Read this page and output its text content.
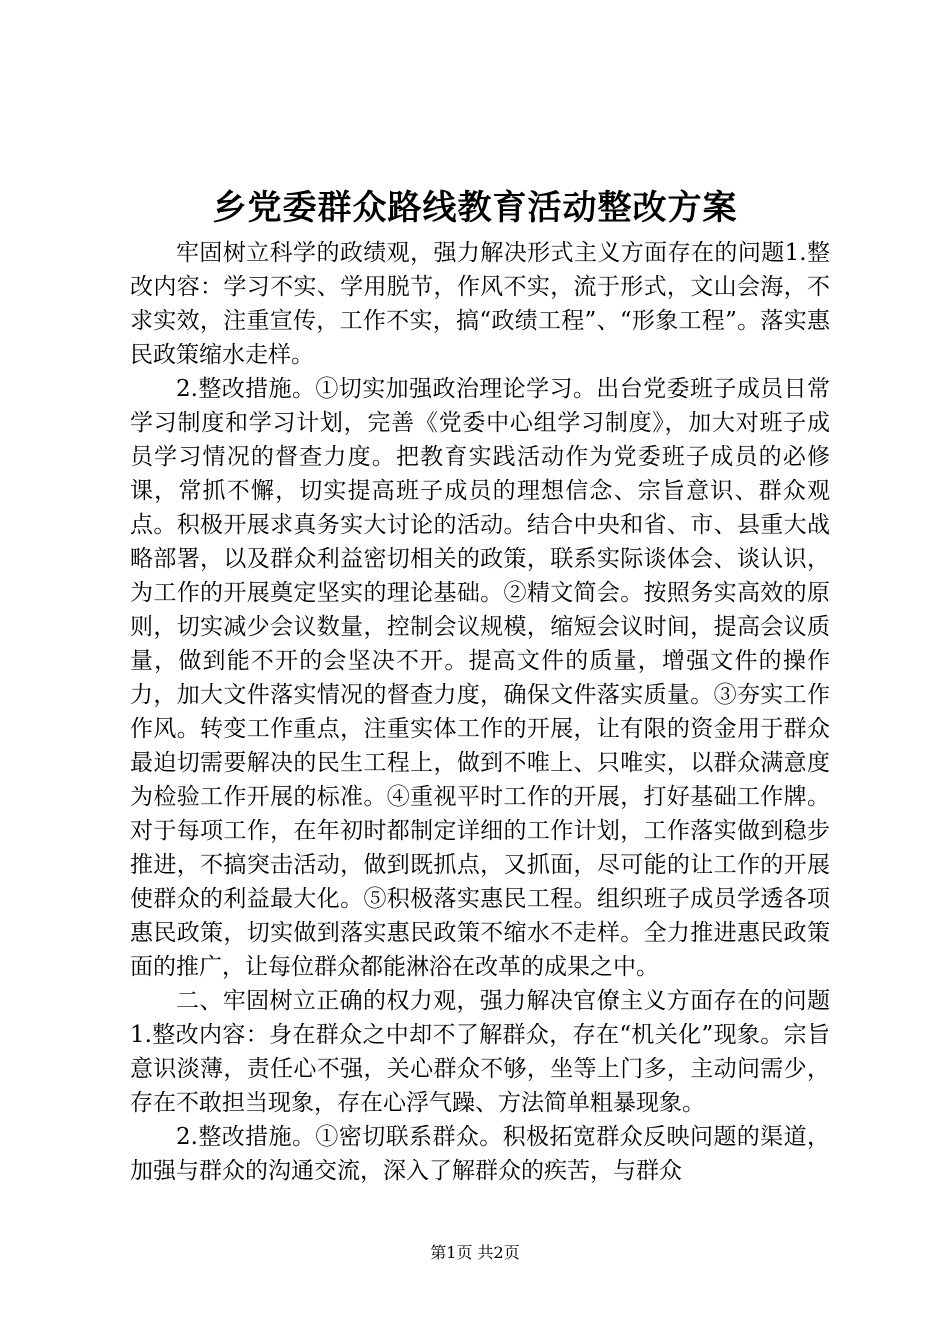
乡党委群众路线教育活动整改方案

牢固树立科学的政绩观，强力解决形式主义方面存在的问题1.整改内容：学习不实、学用脱节，作风不实，流于形式，文山会海，不求实效，注重宣传，工作不实，搞“政绩工程”、“形象工程”。落实惠民政策缩水走样。

2.整改措施。①切实加强政治理论学习。出台党委班子成员日常学习制度和学习计划，完善《党委中心组学习制度》，加大对班子成员学习情况的督查力度。把教育实践活动作为党委班子成员的必修课，常抓不懈，切实提高班子成员的理想信念、宗旨意识、群众观点。积极开展求真务实大讨论的活动。结合中央和省、市、县重大战略部署，以及群众利益密切相关的政策，联系实际谈体会、谈认识，为工作的开展奠定坚实的理论基础。②精文简会。按照务实高效的原则，切实减少会议数量，控制会议规模，缩短会议时间，提高会议质量，做到能不开的会坚决不开。提高文件的质量，增强文件的操作力，加大文件落实情况的督查力度，确保文件落实质量。③夯实工作作风。转变工作重点，注重实体工作的开展，让有限的资金用于群众最迫切需要解决的民生工程上，做到不唯上、只唯实，以群众满意度为检验工作开展的标准。④重视平时工作的开展，打好基础工作牌。对于每项工作，在年初时都制定详细的工作计划，工作落实做到稳步推进，不搞突击活动，做到既抓点，又抓面，尽可能的让工作的开展使群众的利益最大化。⑤积极落实惠民工程。组织班子成员学透各项惠民政策，切实做到落实惠民政策不缩水不走样。全力推进惠民政策面的推广，让每位群众都能淋浴在改革的成果之中。

二、牢固树立正确的权力观，强力解决官僚主义方面存在的问题1.整改内容：身在群众之中却不了解群众，存在“机关化”现象。宗旨意识淡薄，责任心不强，关心群众不够，坐等上门多，主动问需少，存在不敢担当现象，存在心浮气躁、方法简单粗暴现象。

2.整改措施。①密切联系群众。积极拓宽群众反映问题的渠道，加强与群众的沟通交流，深入了解群众的疾苦，与群众

第1页 共2页
